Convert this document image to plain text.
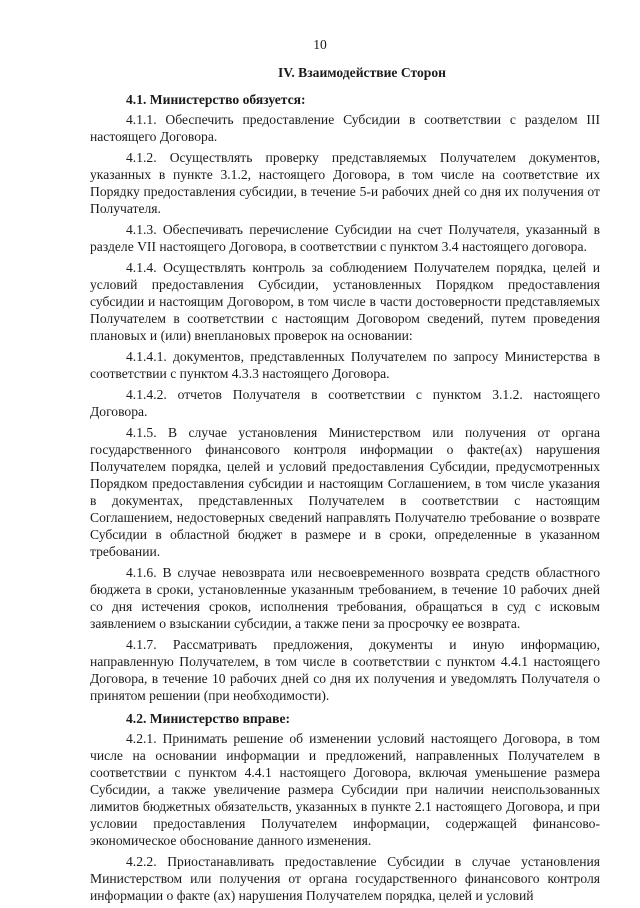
10
IV. Взаимодействие Сторон
4.1. Министерство обязуется:

4.1.1. Обеспечить предоставление Субсидии в соответствии с разделом III настоящего Договора.

4.1.2. Осуществлять проверку представляемых Получателем документов, указанных в пункте 3.1.2, настоящего Договора, в том числе на соответствие их Порядку предоставления субсидии, в течение 5-и рабочих дней со дня их получения от Получателя.

4.1.3. Обеспечивать перечисление Субсидии на счет Получателя, указанный в разделе VII настоящего Договора, в соответствии с пунктом 3.4 настоящего договора.

4.1.4. Осуществлять контроль за соблюдением Получателем порядка, целей и условий предоставления Субсидии, установленных Порядком предоставления субсидии и настоящим Договором, в том числе в части достоверности представляемых Получателем в соответствии с настоящим Договором сведений, путем проведения плановых и (или) внеплановых проверок на основании:

4.1.4.1. документов, представленных Получателем по запросу Министерства в соответствии с пунктом 4.3.3 настоящего Договора.

4.1.4.2. отчетов Получателя в соответствии с пунктом 3.1.2. настоящего Договора.

4.1.5. В случае установления Министерством или получения от органа государственного финансового контроля информации о факте(ах) нарушения Получателем порядка, целей и условий предоставления Субсидии, предусмотренных Порядком предоставления субсидии и настоящим Соглашением, в том числе указания в документах, представленных Получателем в соответствии с настоящим Соглашением, недостоверных сведений направлять Получателю требование о возврате Субсидии в областной бюджет в размере и в сроки, определенные в указанном требовании.

4.1.6. В случае невозврата или несвоевременного возврата средств областного бюджета в сроки, установленные указанным требованием, в течение 10 рабочих дней со дня истечения сроков, исполнения требования, обращаться в суд с исковым заявлением о взыскании субсидии, а также пени за просрочку ее возврата.

4.1.7. Рассматривать предложения, документы и иную информацию, направленную Получателем, в том числе в соответствии с пунктом 4.4.1 настоящего Договора, в течение 10 рабочих дней со дня их получения и уведомлять Получателя о принятом решении (при необходимости).

4.2. Министерство вправе:

4.2.1. Принимать решение об изменении условий настоящего Договора, в том числе на основании информации и предложений, направленных Получателем в соответствии с пунктом 4.4.1 настоящего Договора, включая уменьшение размера Субсидии, а также увеличение размера Субсидии при наличии неиспользованных лимитов бюджетных обязательств, указанных в пункте 2.1 настоящего Договора, и при условии предоставления Получателем информации, содержащей финансово-экономическое обоснование данного изменения.

4.2.2. Приостанавливать предоставление Субсидии в случае установления Министерством или получения от органа государственного финансового контроля информации о факте (ах) нарушения Получателем порядка, целей и условий
